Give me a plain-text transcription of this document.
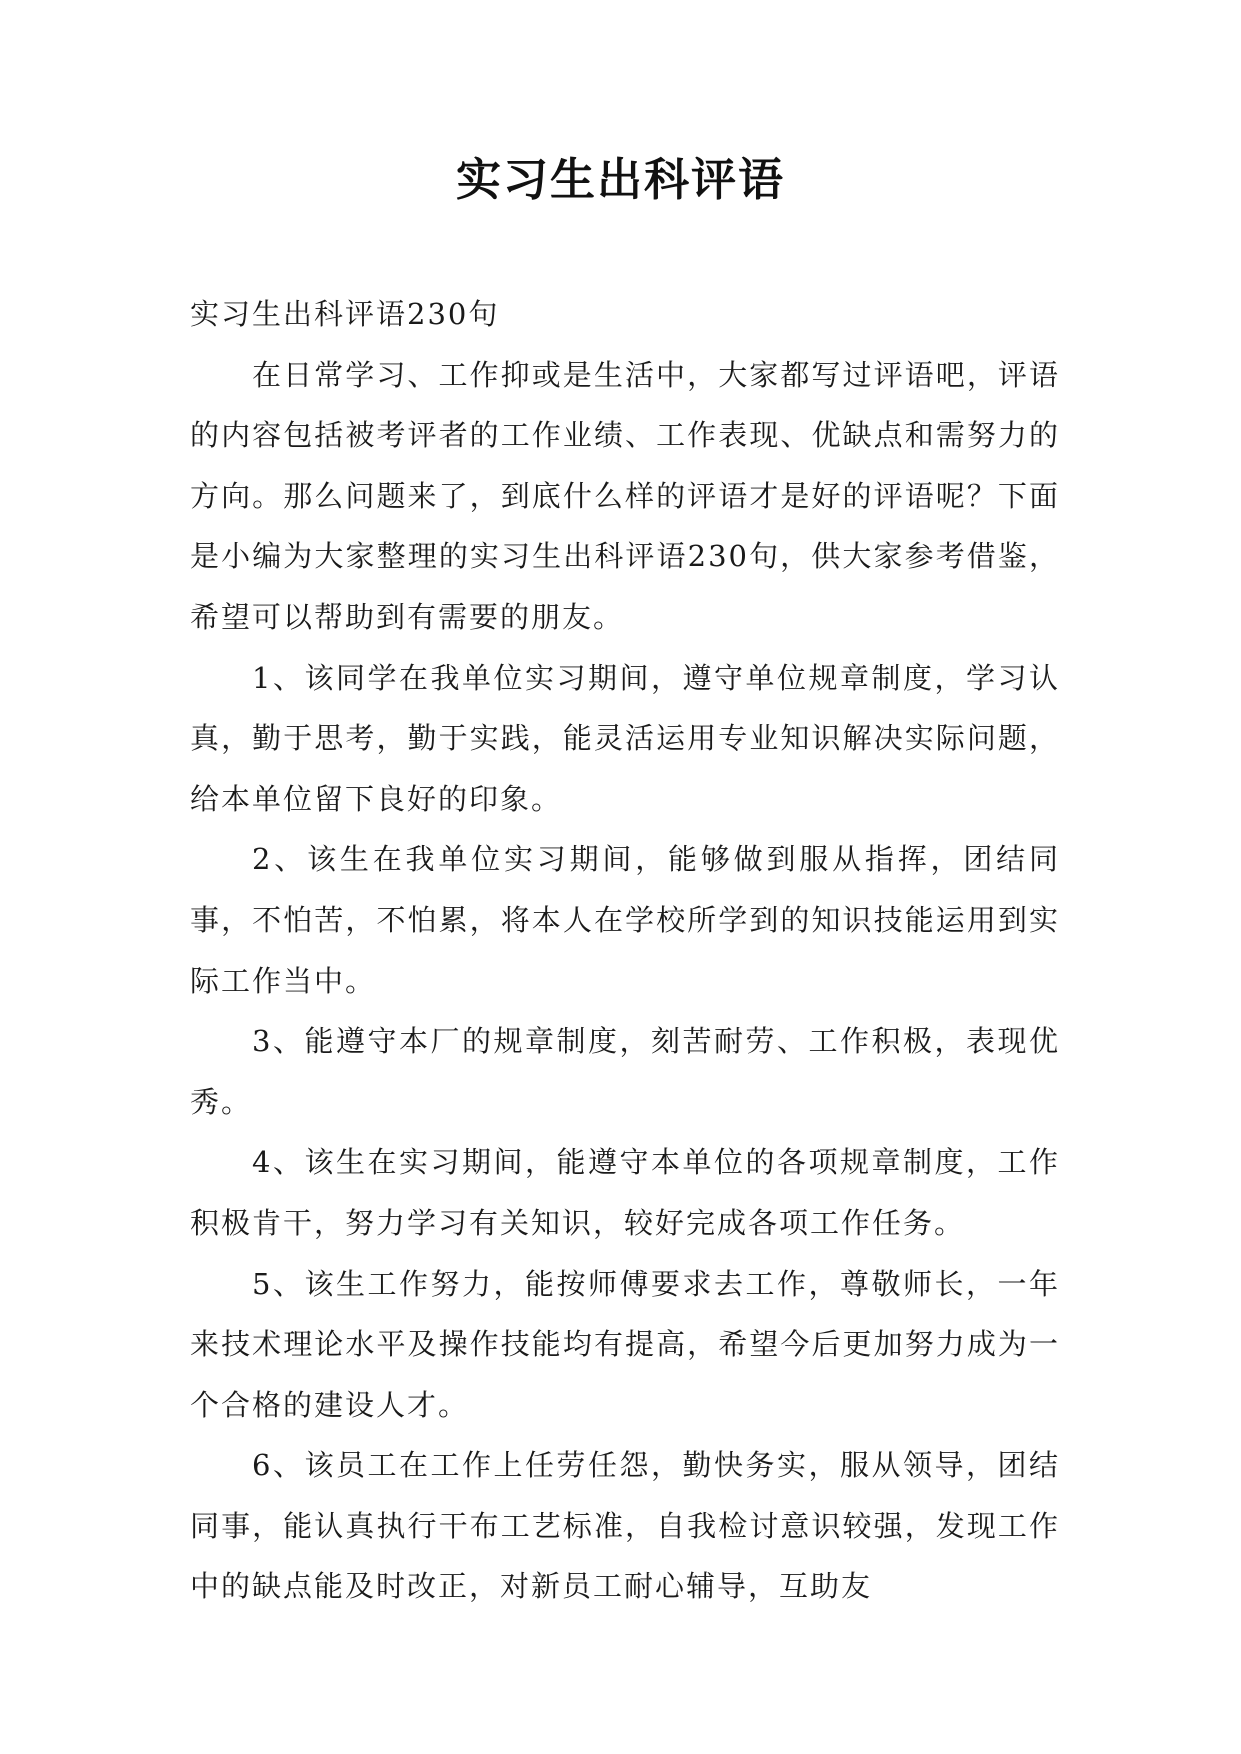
实习生出科评语

实习生出科评语230句

在日常学习、工作抑或是生活中，大家都写过评语吧，评语的内容包括被考评者的工作业绩、工作表现、优缺点和需努力的方向。那么问题来了，到底什么样的评语才是好的评语呢？下面是小编为大家整理的实习生出科评语230句，供大家参考借鉴，希望可以帮助到有需要的朋友。

1、该同学在我单位实习期间，遵守单位规章制度，学习认真，勤于思考，勤于实践，能灵活运用专业知识解决实际问题，给本单位留下良好的印象。

2、该生在我单位实习期间，能够做到服从指挥，团结同事，不怕苦，不怕累，将本人在学校所学到的知识技能运用到实际工作当中。

3、能遵守本厂的规章制度，刻苦耐劳、工作积极，表现优秀。

4、该生在实习期间，能遵守本单位的各项规章制度，工作积极肯干，努力学习有关知识，较好完成各项工作任务。

5、该生工作努力，能按师傅要求去工作，尊敬师长，一年来技术理论水平及操作技能均有提高，希望今后更加努力成为一个合格的建设人才。

6、该员工在工作上任劳任怨，勤快务实，服从领导，团结同事，能认真执行干布工艺标准，自我检讨意识较强，发现工作中的缺点能及时改正，对新员工耐心辅导，互助友
